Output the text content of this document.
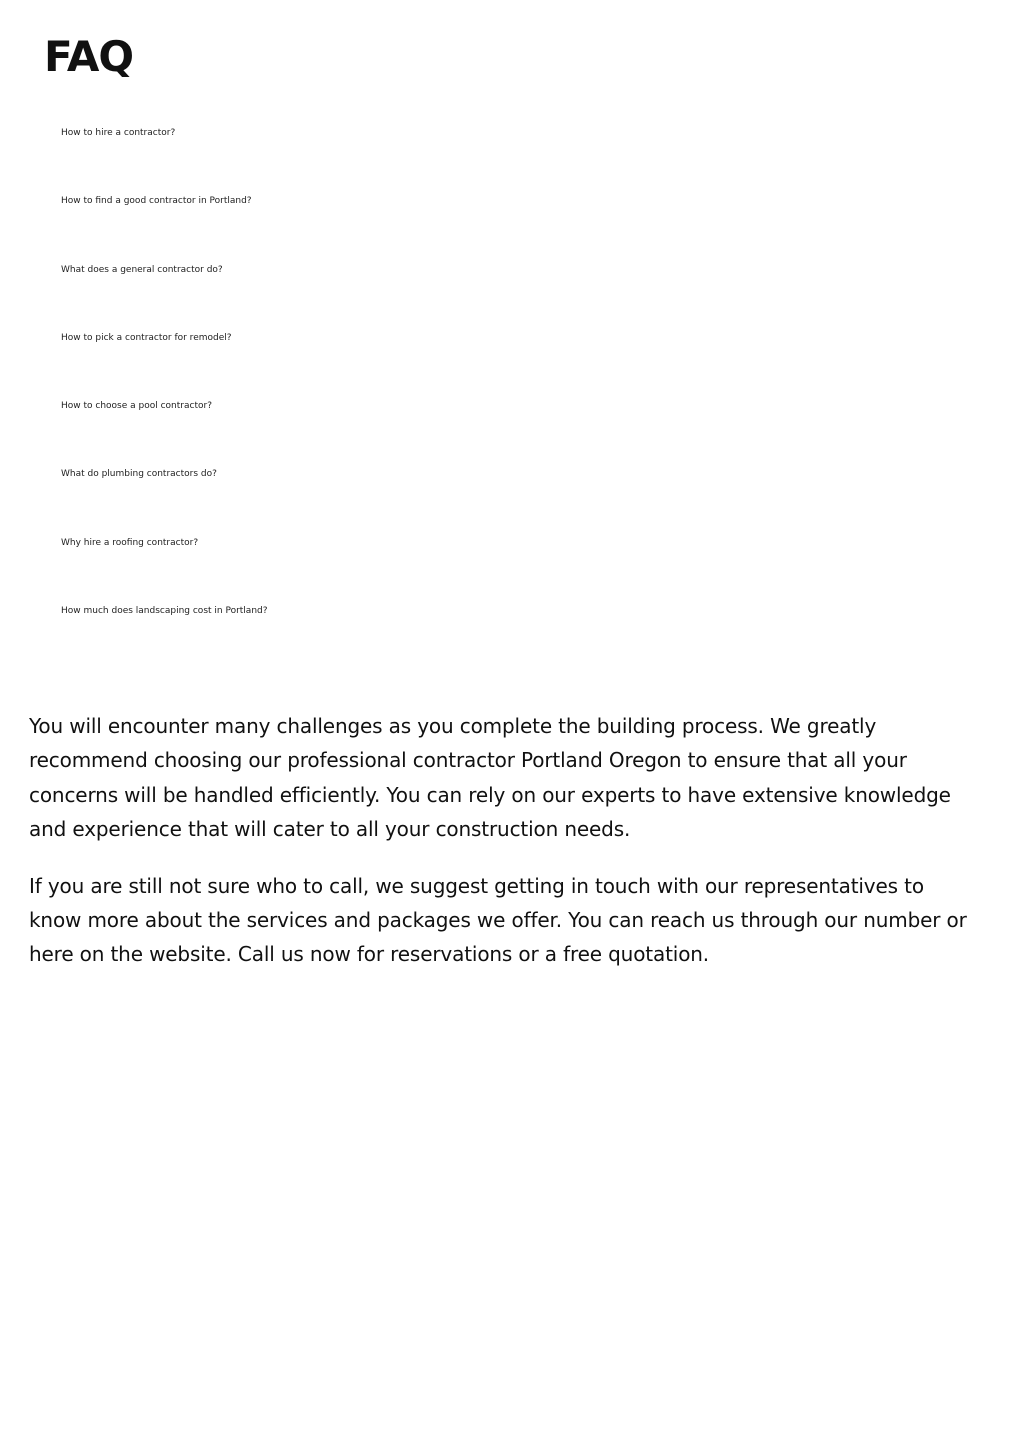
FAQ
How to hire a contractor?
How to find a good contractor in Portland?
What does a general contractor do?
How to pick a contractor for remodel?
How to choose a pool contractor?
What do plumbing contractors do?
Why hire a roofing contractor?
How much does landscaping cost in Portland?

You will encounter many challenges as you complete the building process. We greatly recommend choosing our professional contractor Portland Oregon to ensure that all your concerns will be handled efficiently. You can rely on our experts to have extensive knowledge and experience that will cater to all your construction needs.

If you are still not sure who to call, we suggest getting in touch with our representatives to know more about the services and packages we offer. You can reach us through our number or here on the website. Call us now for reservations or a free quotation.
